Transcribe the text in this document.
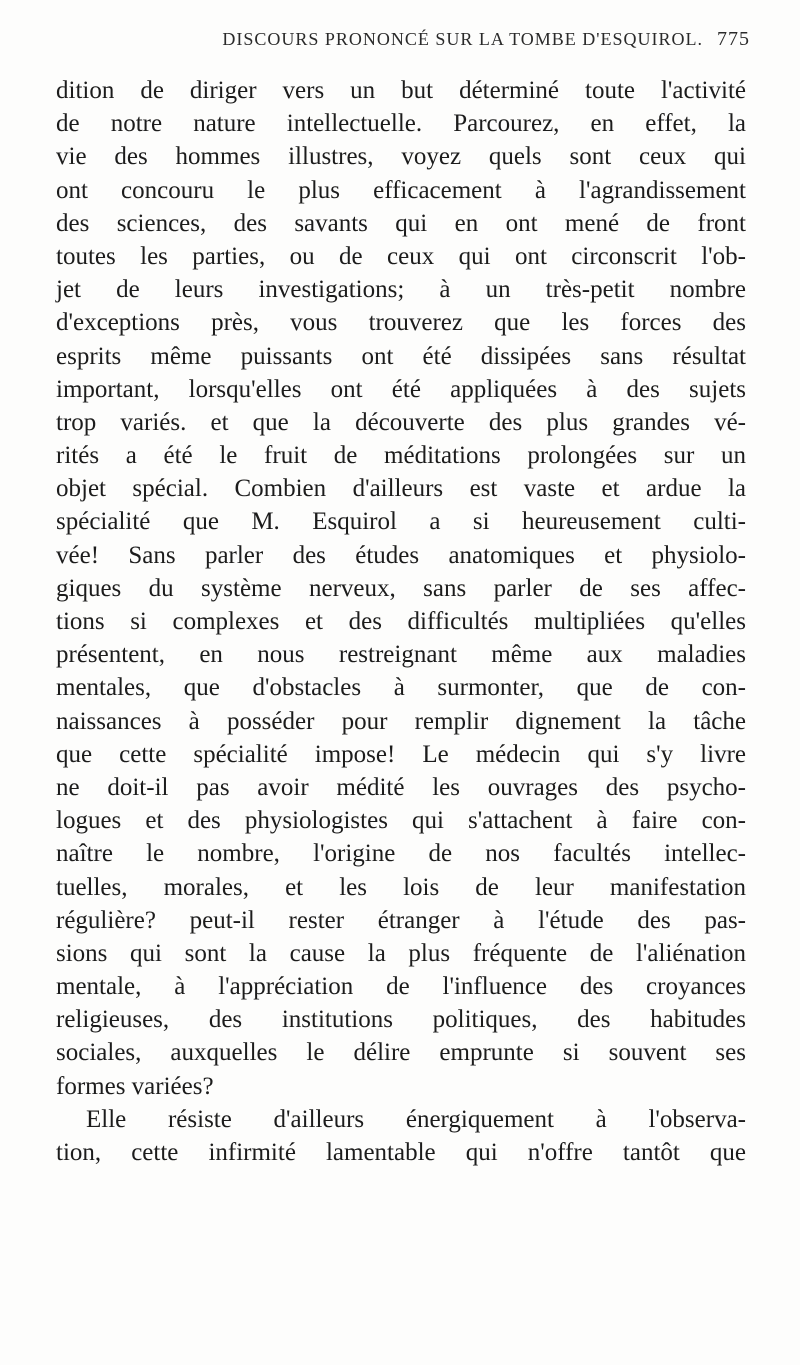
DISCOURS PRONONCÉ SUR LA TOMBE D'ESQUIROL. 775
dition de diriger vers un but déterminé toute l'activité
de notre nature intellectuelle. Parcourez, en effet, la
vie des hommes illustres, voyez quels sont ceux qui
ont concouru le plus efficacement à l'agrandissement
des sciences, des savants qui en ont mené de front
toutes les parties, ou de ceux qui ont circonscrit l'ob-
jet de leurs investigations; à un très-petit nombre
d'exceptions près, vous trouverez que les forces des
esprits même puissants ont été dissipées sans résultat
important, lorsqu'elles ont été appliquées à des sujets
trop variés. et que la découverte des plus grandes vé-
rités a été le fruit de méditations prolongées sur un
objet spécial. Combien d'ailleurs est vaste et ardue la
spécialité que M. Esquirol a si heureusement culti-
vée! Sans parler des études anatomiques et physiolo-
giques du système nerveux, sans parler de ses affec-
tions si complexes et des difficultés multipliées qu'elles
présentent, en nous restreignant même aux maladies
mentales, que d'obstacles à surmonter, que de con-
naissances à posséder pour remplir dignement la tâche
que cette spécialité impose! Le médecin qui s'y livre
ne doit-il pas avoir médité les ouvrages des psycho-
logues et des physiologistes qui s'attachent à faire con-
naître le nombre, l'origine de nos facultés intellec-
tuelles, morales, et les lois de leur manifestation
régulière? peut-il rester étranger à l'étude des pas-
sions qui sont la cause la plus fréquente de l'aliénation
mentale, à l'appréciation de l'influence des croyances
religieuses, des institutions politiques, des habitudes
sociales, auxquelles le délire emprunte si souvent ses
formes variées?
Elle résiste d'ailleurs énergiquement à l'observa-
tion, cette infirmité lamentable qui n'offre tantôt que
